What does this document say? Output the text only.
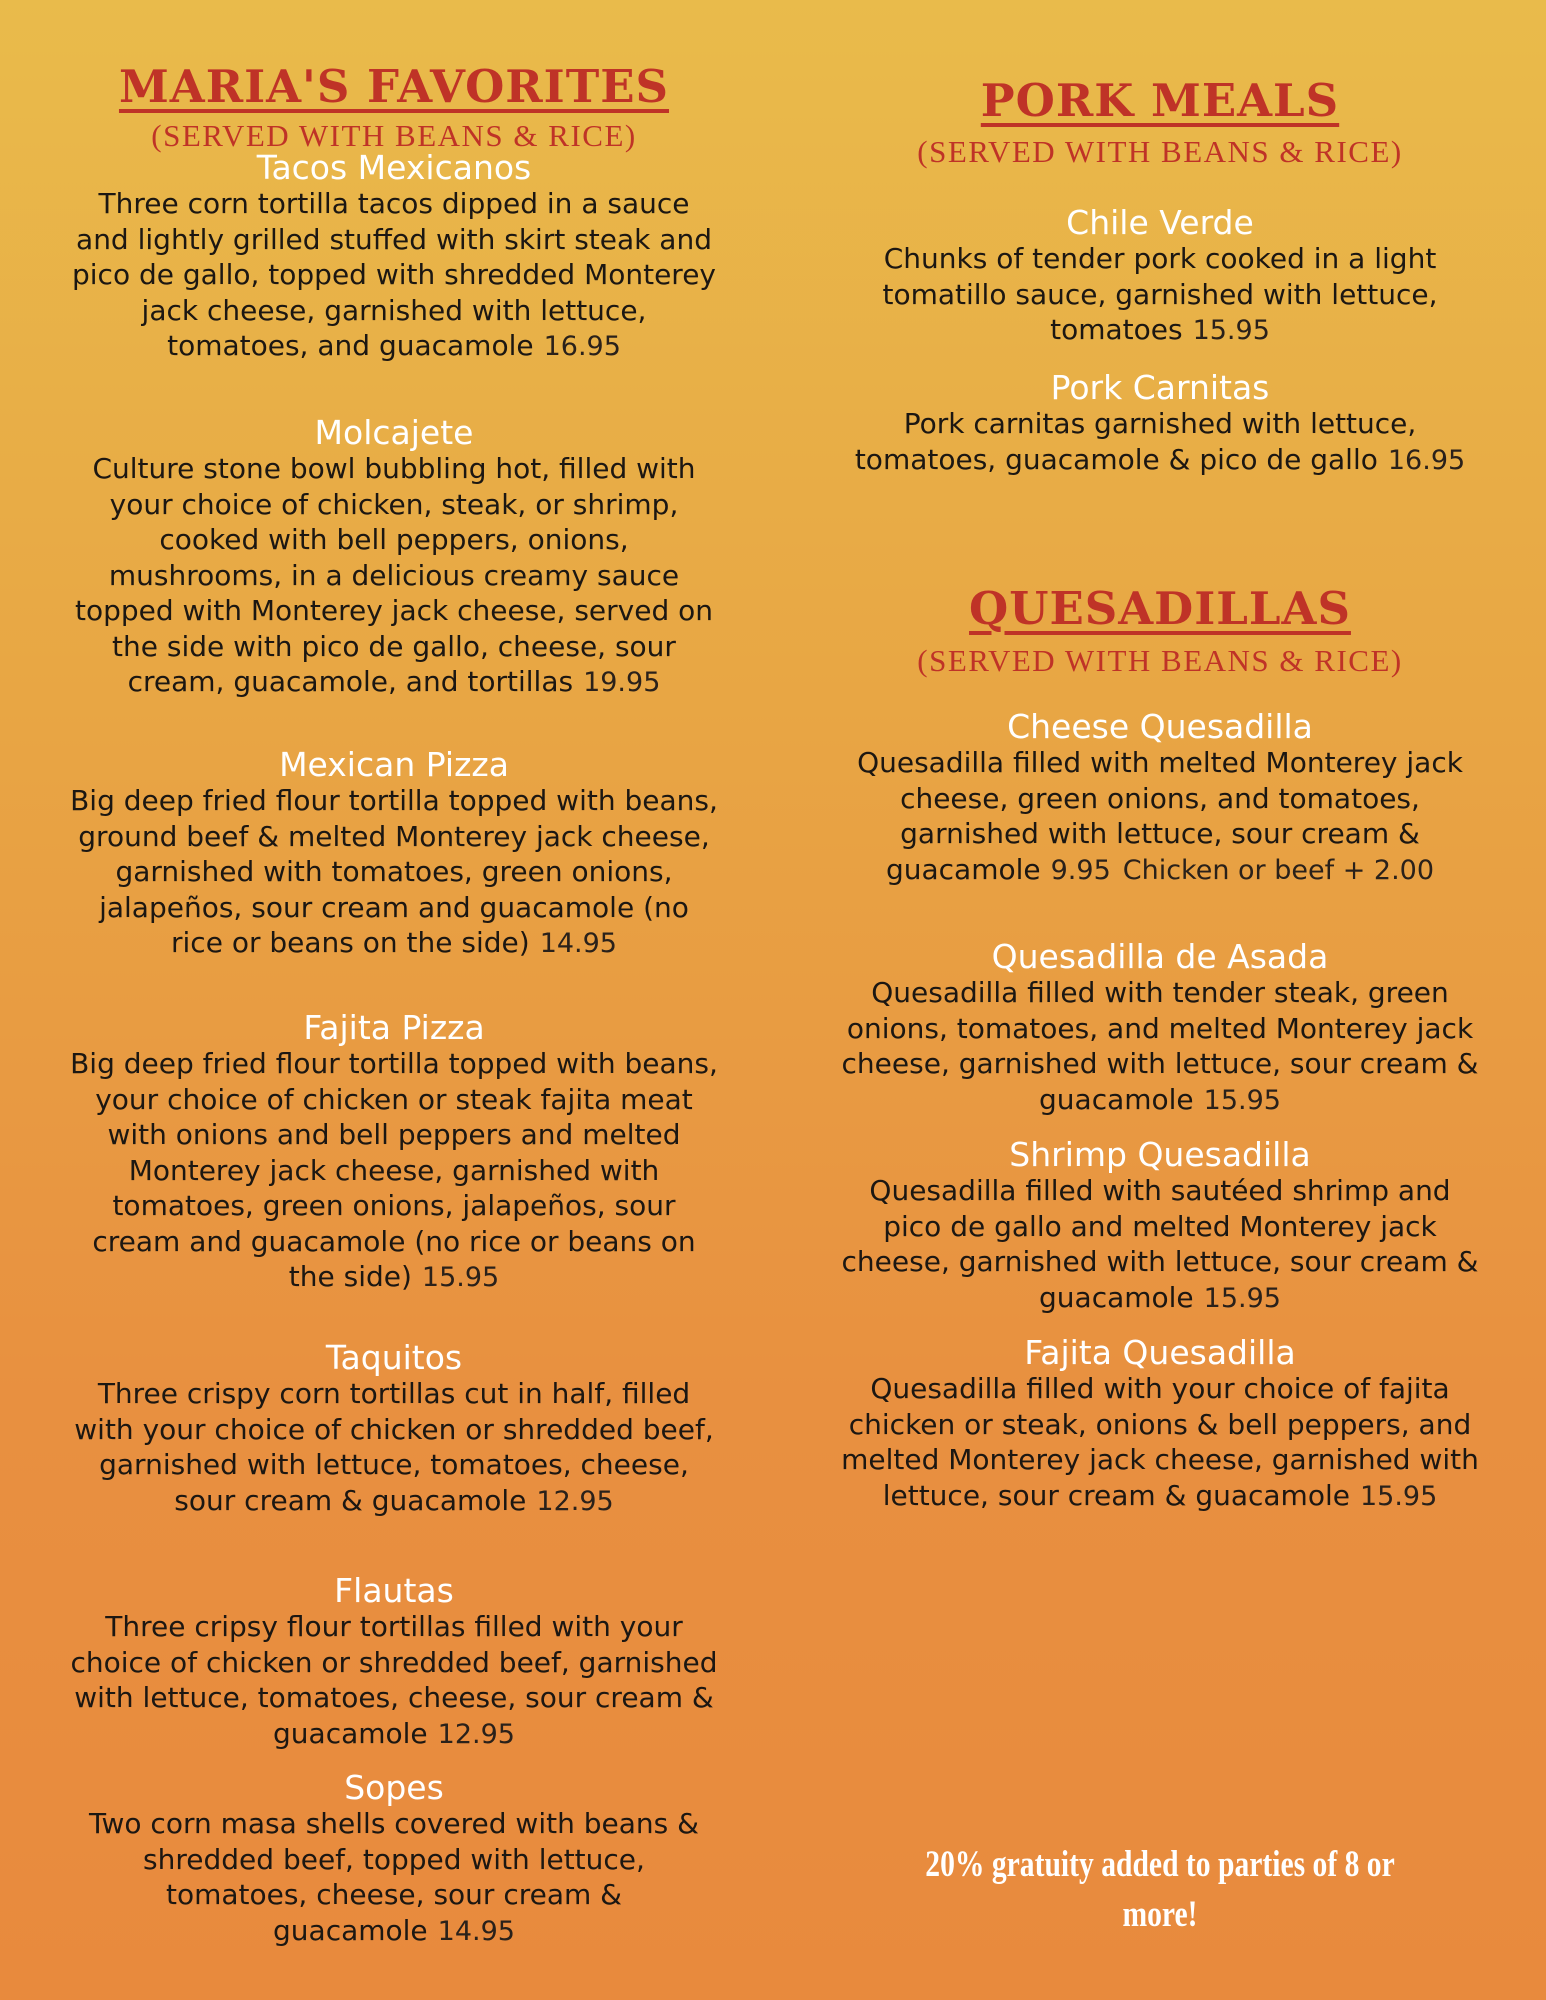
MARIA'S FAVORITES
(SERVED WITH BEANS & RICE)
Tacos Mexicanos
Three corn tortilla tacos dipped in a sauce and lightly grilled stuffed with skirt steak and pico de gallo, topped with shredded Monterey jack cheese, garnished with lettuce, tomatoes, and guacamole 16.95
Molcajete
Culture stone bowl bubbling hot, filled with your choice of chicken, steak, or shrimp, cooked with bell peppers, onions, mushrooms, in a delicious creamy sauce topped with Monterey jack cheese, served on the side with pico de gallo, cheese, sour cream, guacamole, and tortillas 19.95
Mexican Pizza
Big deep fried flour tortilla topped with beans, ground beef & melted Monterey jack cheese, garnished with tomatoes, green onions, jalapeños, sour cream and guacamole (no rice or beans on the side) 14.95
Fajita Pizza
Big deep fried flour tortilla topped with beans, your choice of chicken or steak fajita meat with onions and bell peppers and melted Monterey jack cheese, garnished with tomatoes, green onions, jalapeños, sour cream and guacamole (no rice or beans on the side) 15.95
Taquitos
Three crispy corn tortillas cut in half, filled with your choice of chicken or shredded beef, garnished with lettuce, tomatoes, cheese, sour cream & guacamole 12.95
Flautas
Three cripsy flour tortillas filled with your choice of chicken or shredded beef, garnished with lettuce, tomatoes, cheese, sour cream & guacamole 12.95
Sopes
Two corn masa shells covered with beans & shredded beef, topped with lettuce, tomatoes, cheese, sour cream & guacamole 14.95
PORK MEALS
(SERVED WITH BEANS & RICE)
Chile Verde
Chunks of tender pork cooked in a light tomatillo sauce, garnished with lettuce, tomatoes 15.95
Pork Carnitas
Pork carnitas garnished with lettuce, tomatoes, guacamole & pico de gallo 16.95
QUESADILLAS
(SERVED WITH BEANS & RICE)
Cheese Quesadilla
Quesadilla filled with melted Monterey jack cheese, green onions, and tomatoes, garnished with lettuce, sour cream & guacamole 9.95 Chicken or beef + 2.00
Quesadilla de Asada
Quesadilla filled with tender steak, green onions, tomatoes, and melted Monterey jack cheese, garnished with lettuce, sour cream & guacamole 15.95
Shrimp Quesadilla
Quesadilla filled with sautéed shrimp and pico de gallo and melted Monterey jack cheese, garnished with lettuce, sour cream & guacamole 15.95
Fajita Quesadilla
Quesadilla filled with your choice of fajita chicken or steak, onions & bell peppers, and melted Monterey jack cheese, garnished with lettuce, sour cream & guacamole 15.95
20% gratuity added to parties of 8 or more!
